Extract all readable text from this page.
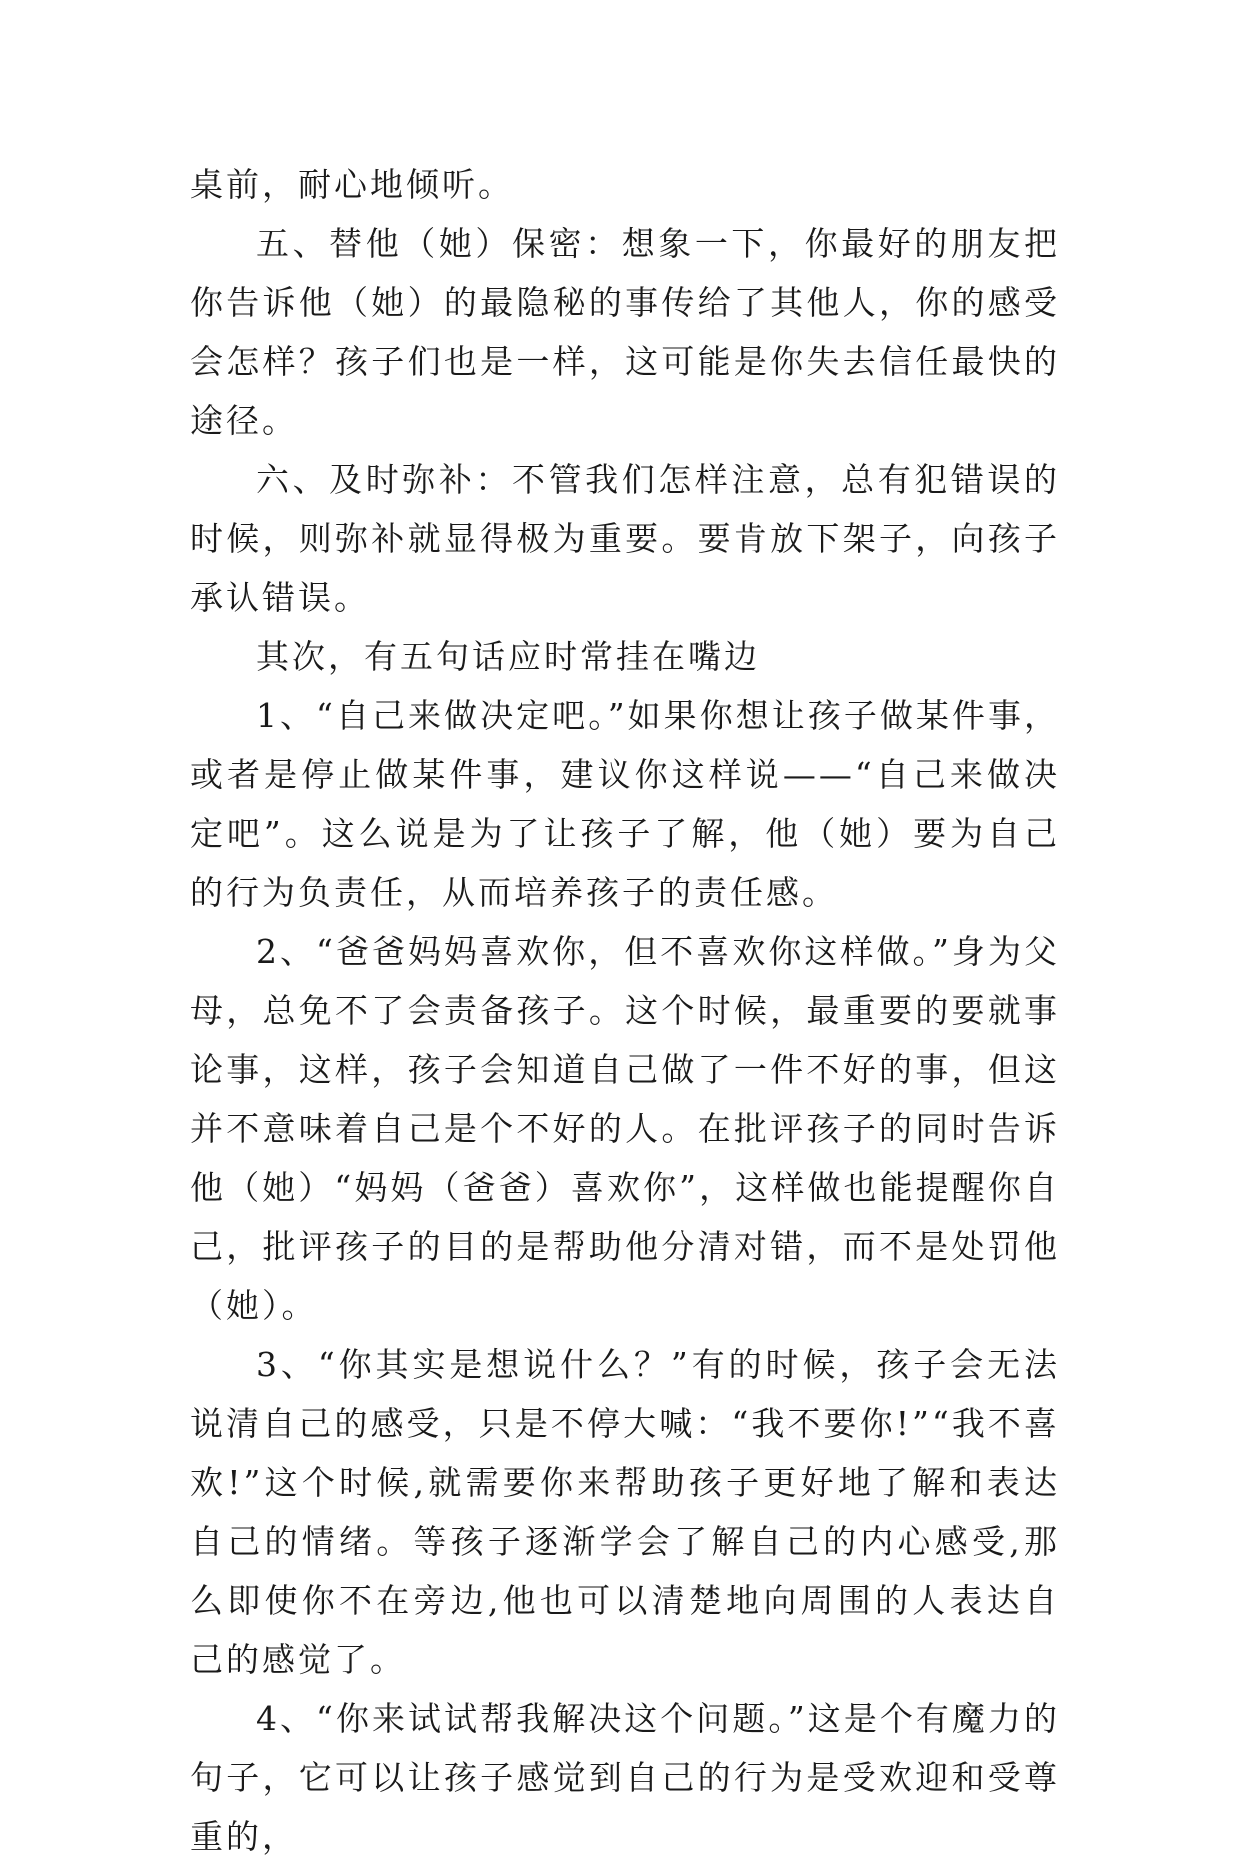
桌前，耐心地倾听。

五、替他（她）保密：想象一下，你最好的朋友把你告诉他（她）的最隐秘的事传给了其他人，你的感受会怎样？孩子们也是一样，这可能是你失去信任最快的途径。

六、及时弥补：不管我们怎样注意，总有犯错误的时候，则弥补就显得极为重要。要肯放下架子，向孩子承认错误。

其次，有五句话应时常挂在嘴边

1、“自己来做决定吧。”如果你想让孩子做某件事，或者是停止做某件事，建议你这样说——“自己来做决定吧”。这么说是为了让孩子了解，他（她）要为自己的行为负责任，从而培养孩子的责任感。

2、“爸爸妈妈喜欢你，但不喜欢你这样做。”身为父母，总免不了会责备孩子。这个时候，最重要的要就事论事，这样，孩子会知道自己做了一件不好的事，但这并不意味着自己是个不好的人。在批评孩子的同时告诉他（她）“妈妈（爸爸）喜欢你”，这样做也能提醒你自己，批评孩子的目的是帮助他分清对错，而不是处罚他（她）。

3、“你其实是想说什么？”有的时候，孩子会无法说清自己的感受，只是不停大喊：“我不要你!”“我不喜欢!”这个时候,就需要你来帮助孩子更好地了解和表达自己的情绪。等孩子逐渐学会了解自己的内心感受,那么即使你不在旁边,他也可以清楚地向周围的人表达自己的感觉了。

4、“你来试试帮我解决这个问题。”这是个有魔力的句子，它可以让孩子感觉到自己的行为是受欢迎和受尊重的，
